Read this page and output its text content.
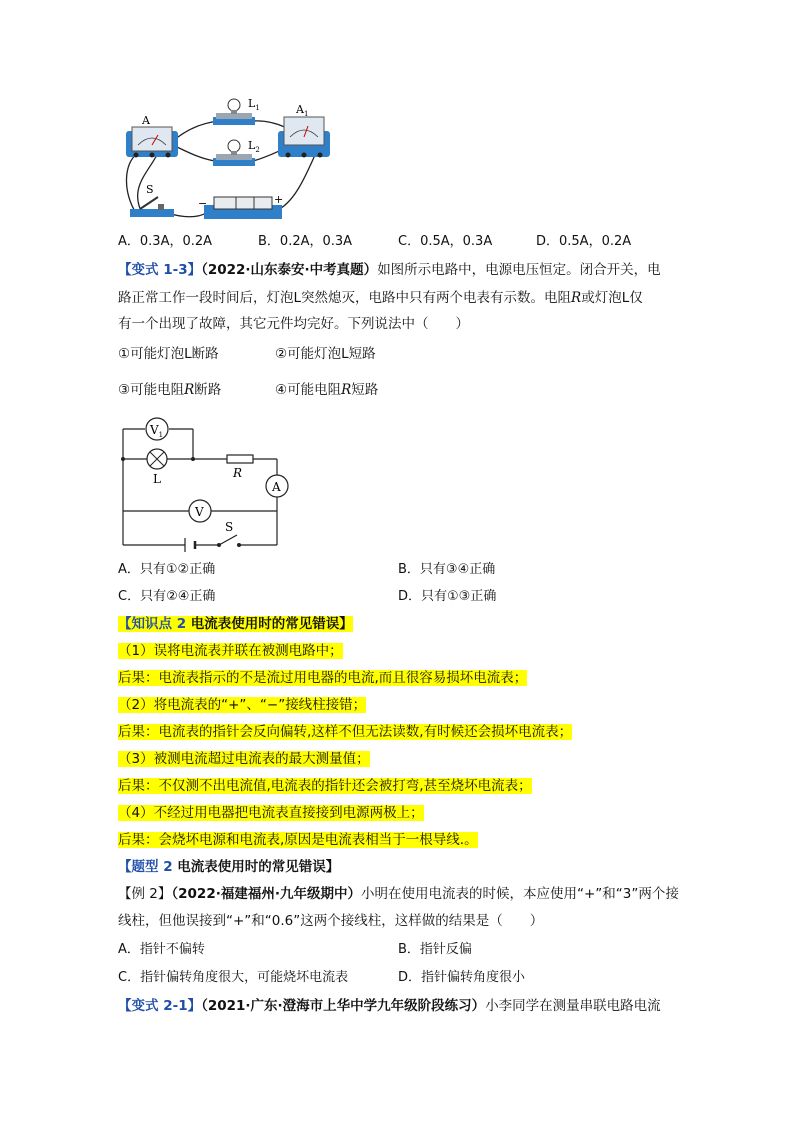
A
$L_1$	$A_1$
$L_2$
S
−	+
A．0.3A，0.2A	B．0.2A，0.3A	C．0.5A，0.3A	D．0.5A，0.2A
【变式 1-3】（2022·山东泰安·中考真题）如图所示电路中，电源电压恒定。闭合开关，电
路正常工作一段时间后，灯泡L突然熄灭，电路中只有两个电表有示数。电阻R或灯泡L仅
有一个出现了故障，其它元件均完好。下列说法中（　　）
①可能灯泡L断路	②可能灯泡L短路
③可能电阻R断路	④可能电阻R短路
$V_1$
L	R
A
V
S
A．只有①②正确	B．只有③④正确
C．只有②④正确	D．只有①③正确
【知识点 2 电流表使用时的常见错误】
（1）误将电流表并联在被测电路中；
后果：电流表指示的不是流过用电器的电流,而且很容易损坏电流表；
（2）将电流表的“+”、“−”接线柱接错；
后果：电流表的指针会反向偏转,这样不但无法读数,有时候还会损坏电流表；
（3）被测电流超过电流表的最大测量值；
后果：不仅测不出电流值,电流表的指针还会被打弯,甚至烧坏电流表；
（4）不经过用电器把电流表直接接到电源两极上；
后果：会烧坏电源和电流表,原因是电流表相当于一根导线.。
【题型 2 电流表使用时的常见错误】
【例 2】（2022·福建福州·九年级期中）小明在使用电流表的时候，本应使用“+”和“3”两个接
线柱，但他误接到“+”和“0.6”这两个接线柱，这样做的结果是（　　）
A．指针不偏转	B．指针反偏
C．指针偏转角度很大，可能烧坏电流表	D．指针偏转角度很小
【变式 2-1】（2021·广东·澄海市上华中学九年级阶段练习）小李同学在测量串联电路电流
